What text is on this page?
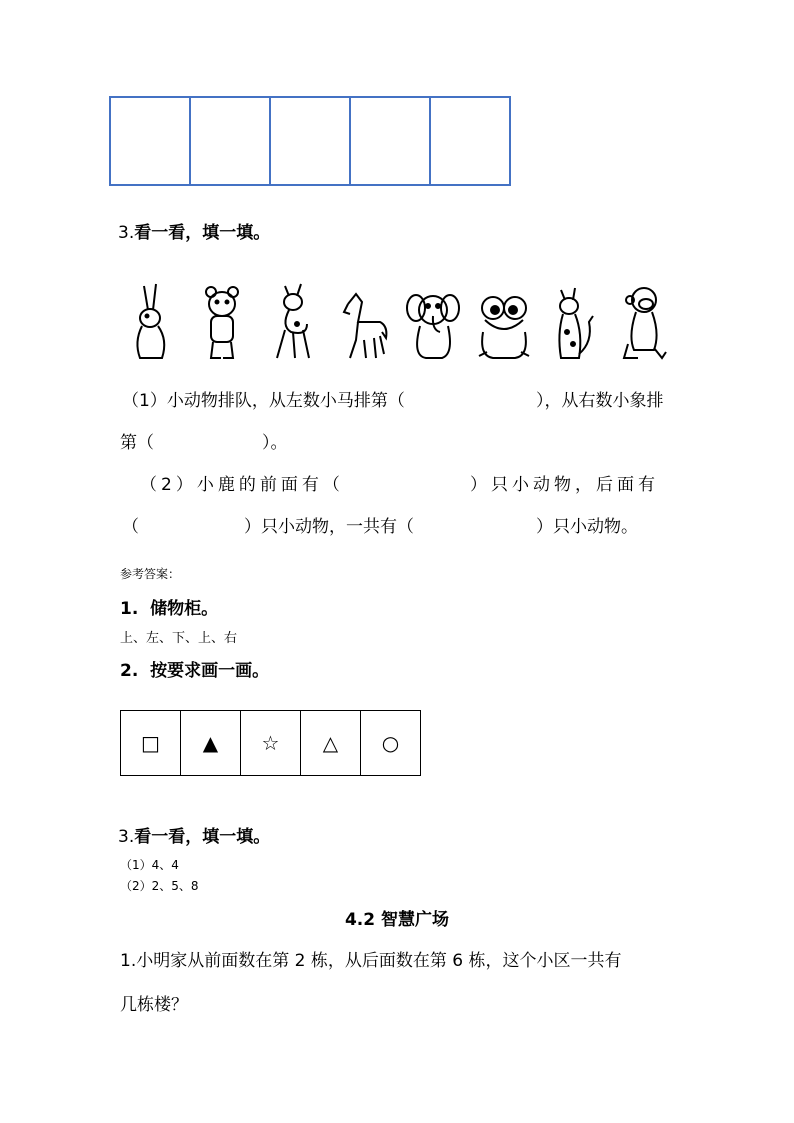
3.看一看，填一填。
（1）小动物排队，从左数小马排第（	），从右数小象排
第（	）。
（2）小鹿的前面有（	）只小动物，后面有
（	）只小动物，一共有（	）只小动物。
参考答案：
1. 储物柜。
上、左、下、上、右
2. 按要求画一画。
□	▲	☆	△	○
3.看一看，填一填。
（1）4、4
（2）2、5、8
4.2 智慧广场
1.小明家从前面数在第 2 栋，从后面数在第 6 栋，这个小区一共有
几栋楼？
